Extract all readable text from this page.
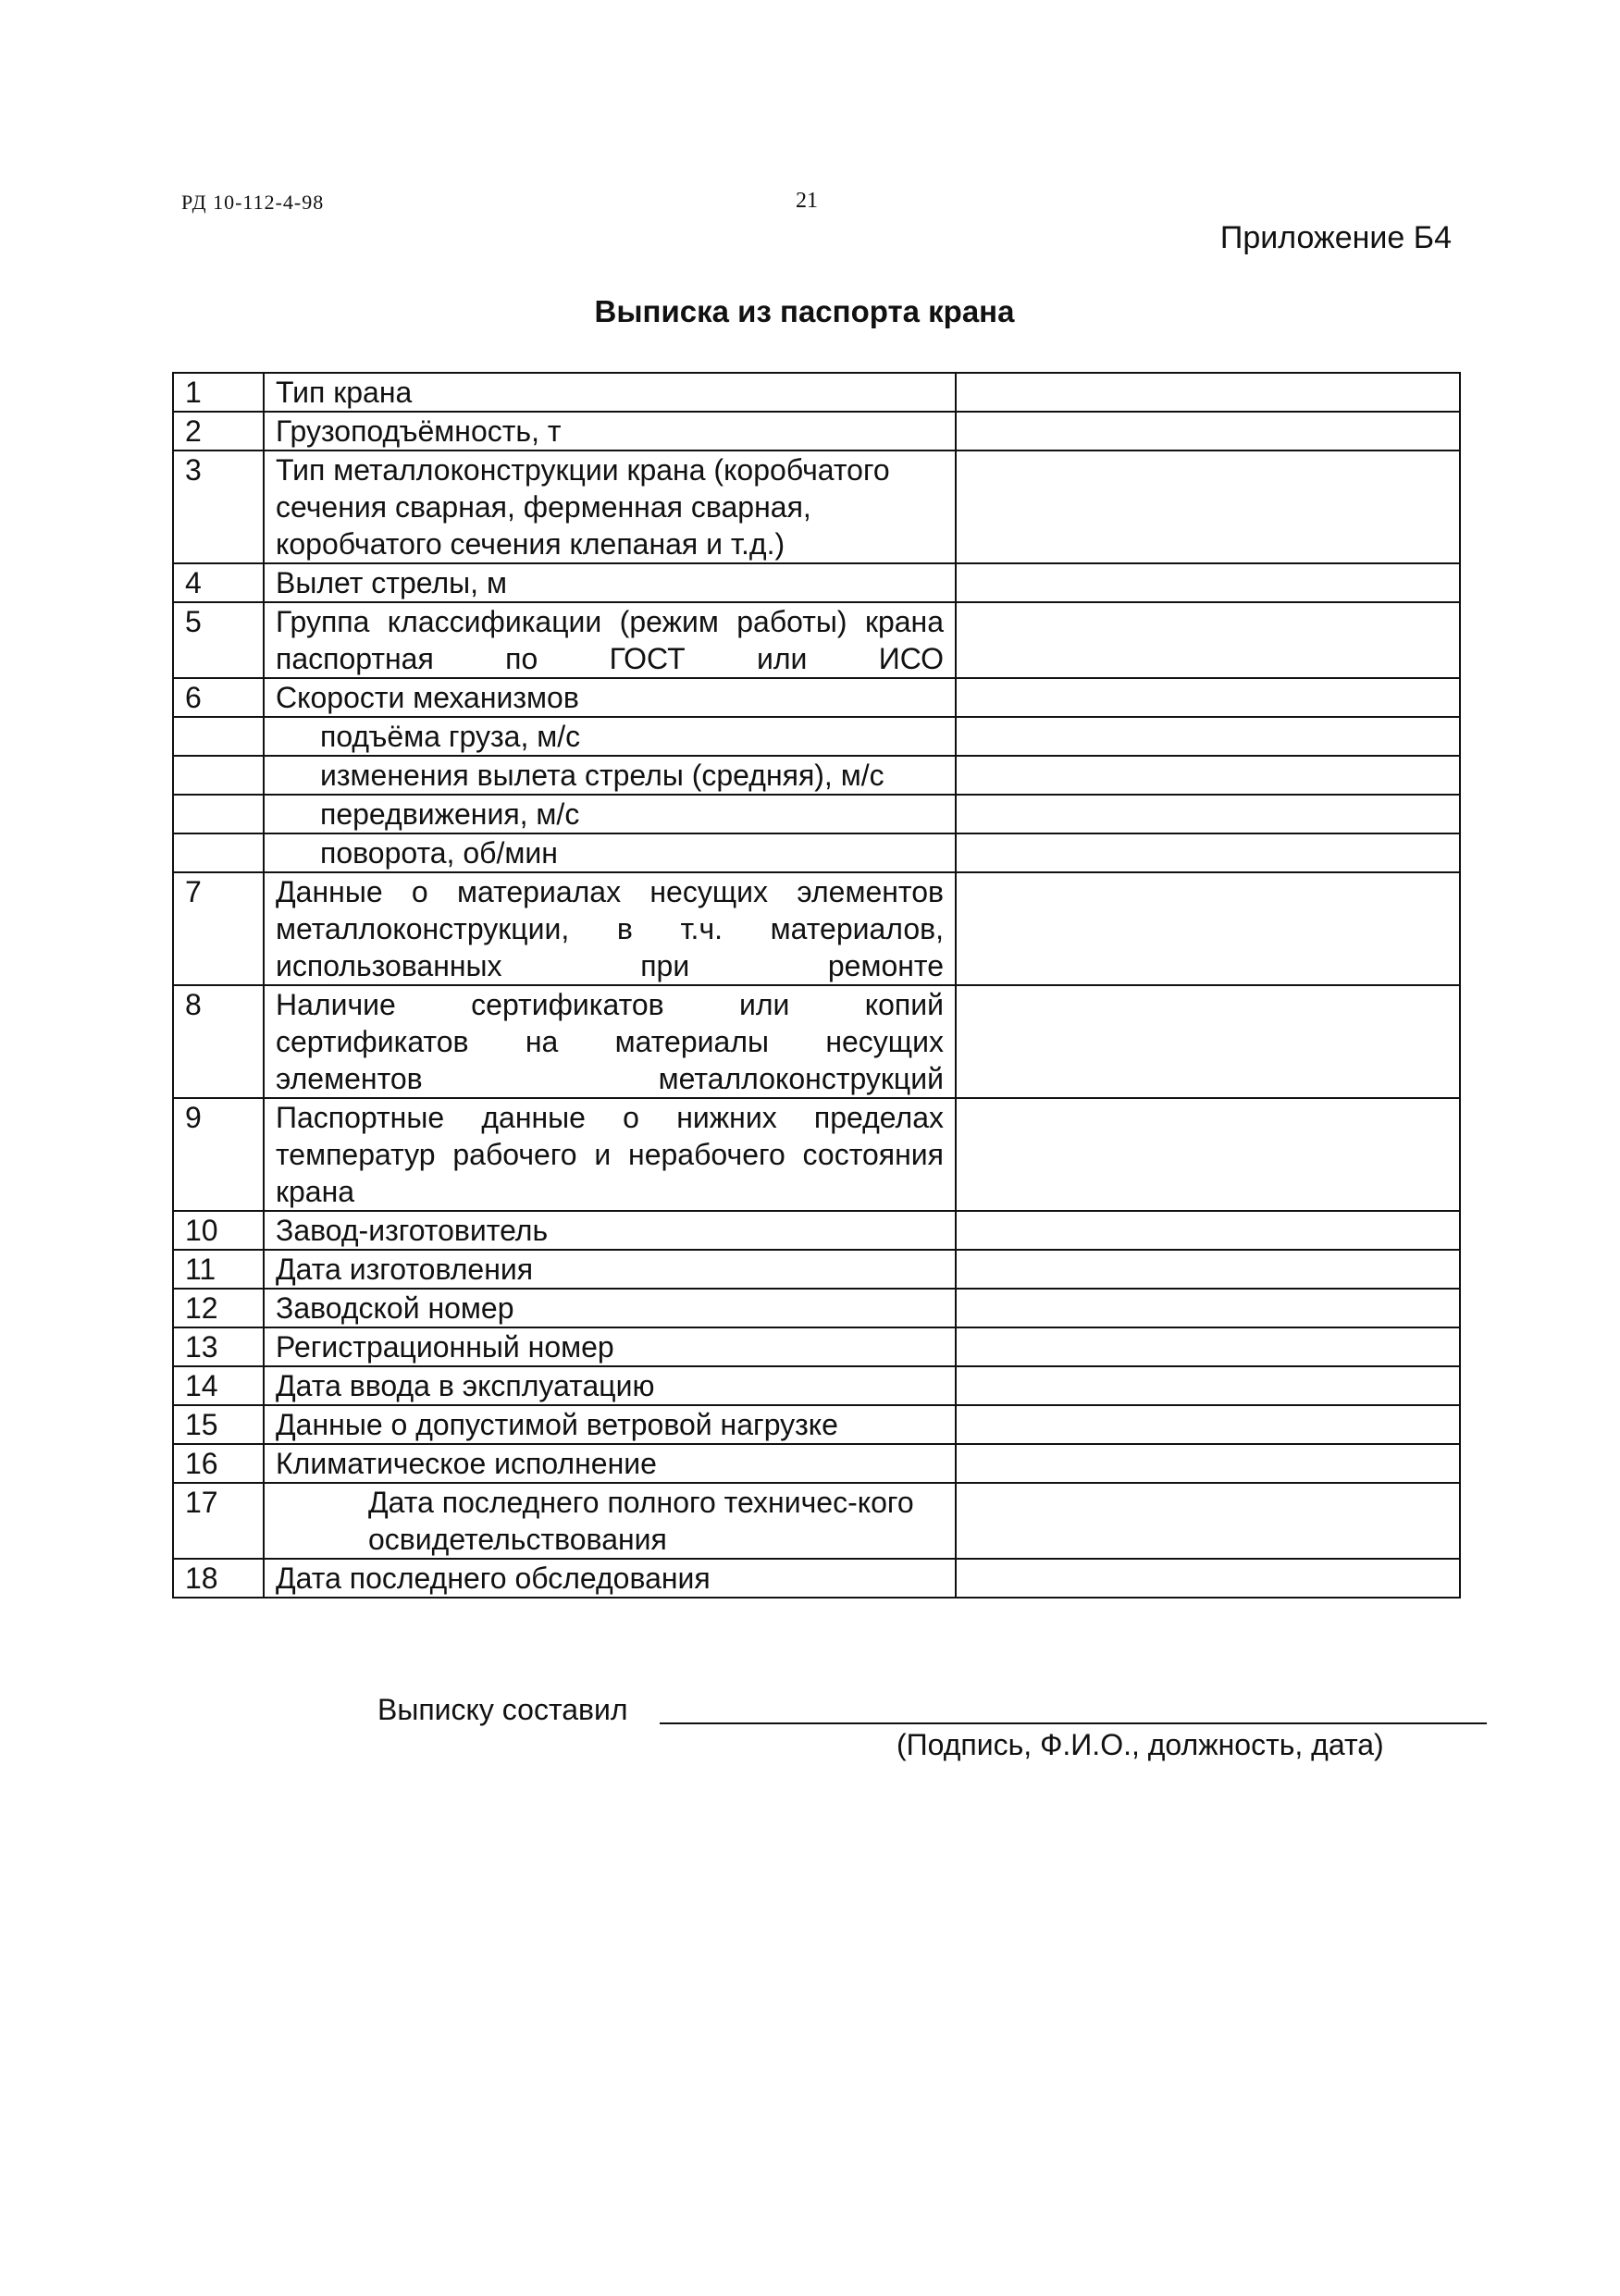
РД 10-112-4-98	21
Приложение Б4
Выписка из паспорта крана
1	Тип крана	
2	Грузоподъёмность, т	
3	Тип металлоконструкции крана (коробчатого сечения сварная, ферменная сварная, коробчатого сечения клепаная и т.д.)	
4	Вылет стрелы, м	
5	Группа классификации (режим работы) крана паспортная по ГОСТ или ИСО	
6	Скорости механизмов	
	подъёма груза, м/с	
	изменения вылета стрелы (средняя), м/с	
	передвижения, м/с	
	поворота, об/мин	
7	Данные о материалах несущих элементов металлоконструкции, в т.ч. материалов, использованных при ремонте	
8	Наличие сертификатов или копий сертификатов на материалы несущих элементов металлоконструкций	
9	Паспортные данные о нижних пределах температур рабочего и нерабочего состояния крана	
10	Завод-изготовитель	
11	Дата изготовления	
12	Заводской номер	
13	Регистрационный номер	
14	Дата ввода в эксплуатацию	
15	Данные о допустимой ветровой нагрузке	
16	Климатическое исполнение	
17	Дата последнего полного техничес-кого освидетельствования	
18	Дата последнего обследования	
Выписку составил
(Подпись, Ф.И.О., должность, дата)
